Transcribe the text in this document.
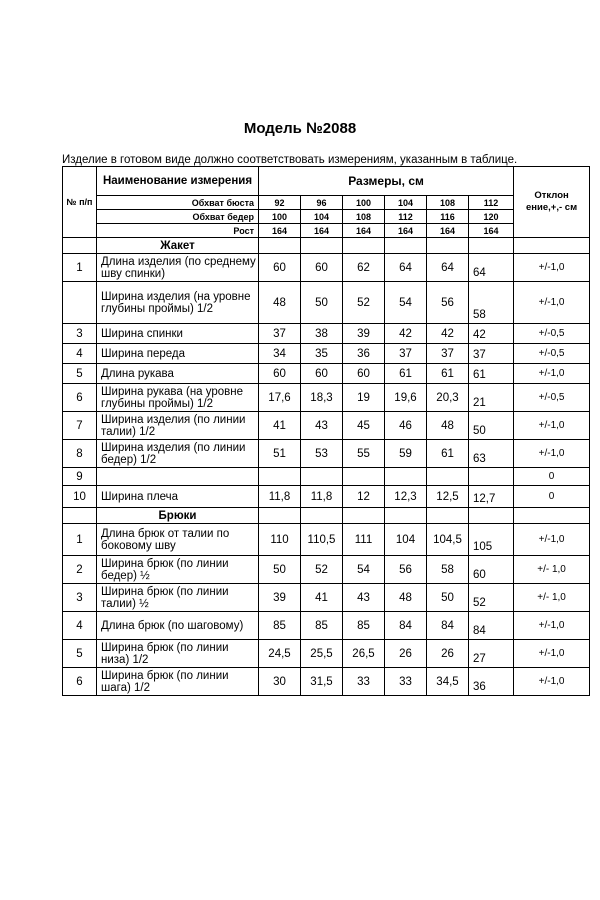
Модель №2088
Изделие в готовом виде должно соответствовать измерениям, указанным в таблице.
№ п/п	Наименование измерения	Размеры, см						Отклон ение,+,- см
	Обхват бюста	92	96	100	104	108	112	
	Обхват бедер	100	104	108	112	116	120	
	Рост	164	164	164	164	164	164	
	Жакет							
1	Длина изделия (по среднему шву спинки)	60	60	62	64	64	64	+/-1,0
	Ширина изделия (на уровне глубины проймы) 1/2	48	50	52	54	56	58	+/-1,0
3	Ширина спинки	37	38	39	42	42	42	+/-0,5
4	Ширина переда	34	35	36	37	37	37	+/-0,5
5	Длина рукава	60	60	60	61	61	61	+/-1,0
6	Ширина рукава (на уровне глубины проймы) 1/2	17,6	18,3	19	19,6	20,3	21	+/-0,5
7	Ширина изделия (по линии талии) 1/2	41	43	45	46	48	50	+/-1,0
8	Ширина изделия (по линии бедер) 1/2	51	53	55	59	61	63	+/-1,0
9								0
10	Ширина плеча	11,8	11,8	12	12,3	12,5	12,7	0
	Брюки							
1	Длина брюк от талии по боковому шву	110	110,5	111	104	104,5	105	+/-1,0
2	Ширина брюк (по линии бедер) ½	50	52	54	56	58	60	+/- 1,0
3	Ширина брюк (по линии талии) ½	39	41	43	48	50	52	+/- 1,0
4	Длина брюк (по шаговому)	85	85	85	84	84	84	+/-1,0
5	Ширина брюк (по линии низа) 1/2	24,5	25,5	26,5	26	26	27	+/-1,0
6	Ширина брюк (по линии шага) 1/2	30	31,5	33	33	34,5	36	+/-1,0
